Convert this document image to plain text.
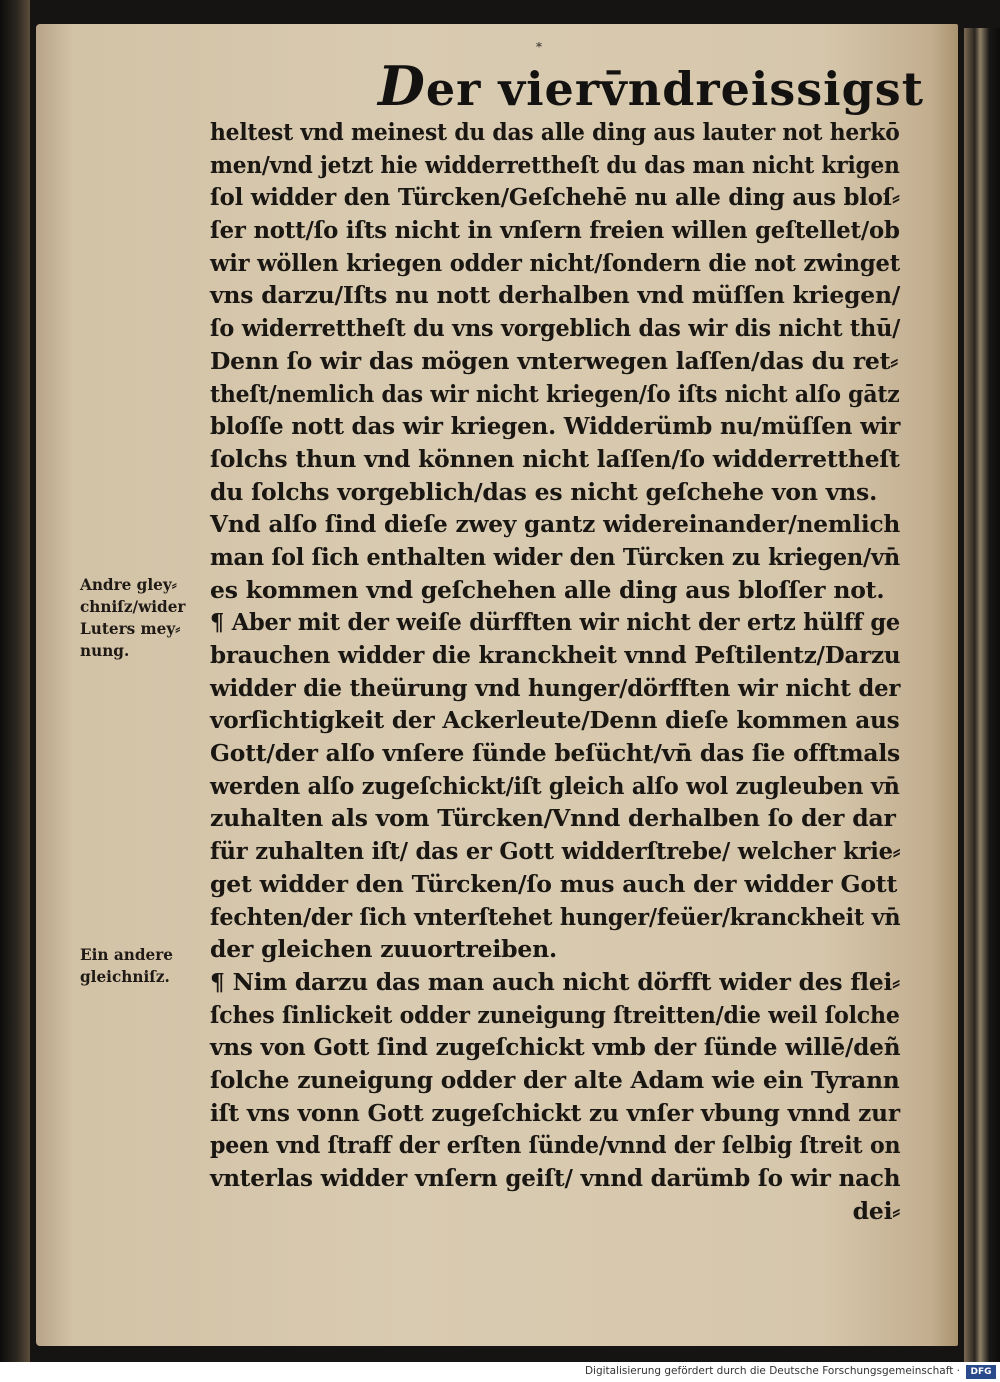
*
Der vierv̄ndreissigst
heltest vnd meinest du das alle ding aus lauter not herkō
men/vnd jetzt hie widderrettheſt du das man nicht krigen
ſol widder den Türcken/Geſchehē nu alle ding aus bloſ⸗
ſer nott/ſo iſts nicht in vnſern freien willen geſtellet/ob
wir wöllen kriegen odder nicht/ſondern die not zwinget
vns darzu/Iſts nu nott derhalben vnd müſſen kriegen/
ſo widerrettheſt du vns vorgeblich das wir dis nicht thū/
Denn ſo wir das mögen vnterwegen laſſen/das du ret⸗
theſt/nemlich das wir nicht kriegen/ſo iſts nicht alſo gātz
bloſſe nott das wir kriegen. Widderümb nu/müſſen wir
ſolchs thun vnd können nicht laſſen/ſo widderrettheſt
du ſolchs vorgeblich/das es nicht geſchehe von vns.
Vnd alſo ſind dieſe zwey gantz widereinander/nemlich
man ſol ſich enthalten wider den Türcken zu kriegen/vn̄
es kommen vnd geſchehen alle ding aus bloſſer not.
¶ Aber mit der weiſe dürfften wir nicht der ertz hülff ge
brauchen widder die kranckheit vnnd Peſtilentz/Darzu
widder die theürung vnd hunger/dörfften wir nicht der
vorſichtigkeit der Ackerleute/Denn dieſe kommen aus
Gott/der alſo vnſere ſünde beſücht/vn̄ das ſie offtmals
werden alſo zugeſchickt/iſt gleich alſo wol zugleuben vn̄
zuhalten als vom Türcken/Vnnd derhalben ſo der dar
für zuhalten iſt/ das er Gott widderſtrebe/ welcher krie⸗
get widder den Türcken/ſo mus auch der widder Gott
fechten/der ſich vnterſtehet hunger/feüer/kranckheit vn̄
der gleichen zuuortreiben.
¶ Nim darzu das man auch nicht dörfft wider des flei⸗
ſches ſinlickeit odder zuneigung ſtreitten/die weil ſolche
vns von Gott ſind zugeſchickt vmb der ſünde willē/deñ
ſolche zuneigung odder der alte Adam wie ein Tyrann
iſt vns vonn Gott zugeſchickt zu vnſer vbung vnnd zur
peen vnd ſtraff der erſten ſünde/vnnd der ſelbig ſtreit on
vnterlas widder vnſern geiſt/ vnnd darümb ſo wir nach
dei⸗
Andre gley⸗
chniſz/wider
Luters mey⸗
nung.
Ein andere
gleichniſz.
Digitalisierung gefördert durch die Deutsche Forschungsgemeinschaft ·	DFG
